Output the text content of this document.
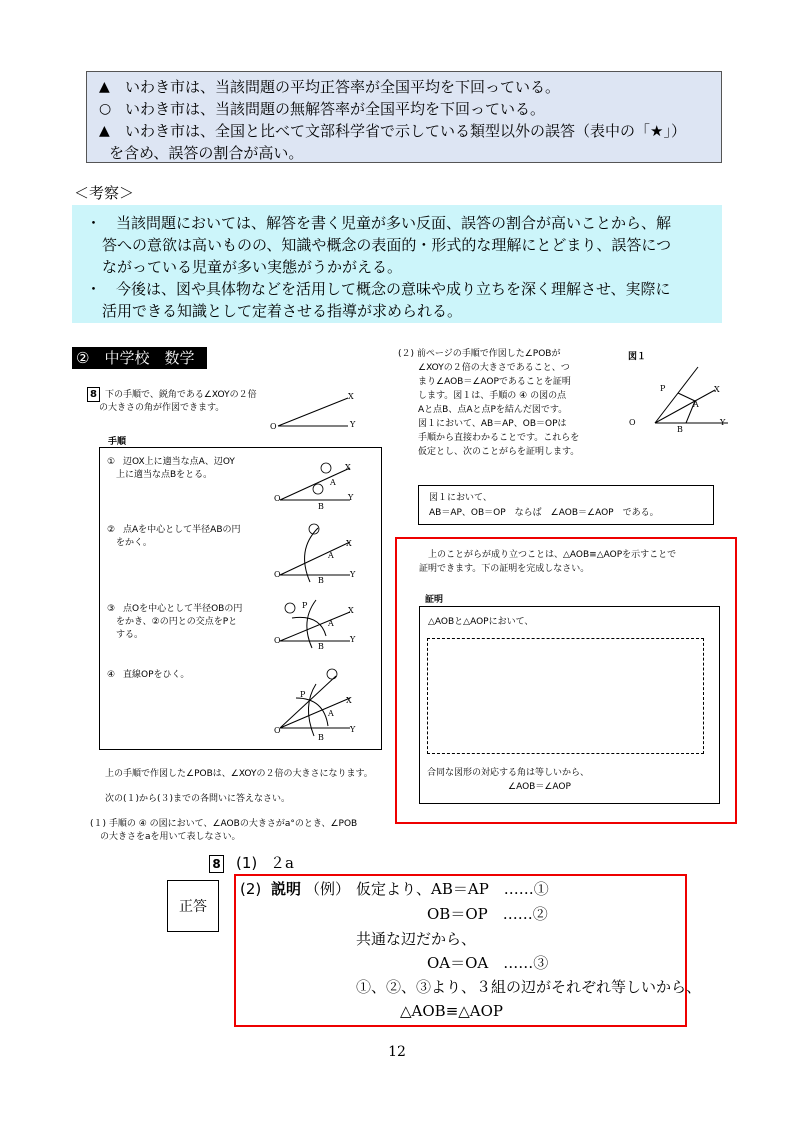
▲ いわき市は、当該問題の平均正答率が全国平均を下回っている。
○ いわき市は、当該問題の無解答率が全国平均を下回っている。
▲ いわき市は、全国と比べて文部科学省で示している類型以外の誤答（表中の「★」）
を含め、誤答の割合が高い。
＜考察＞
・　当該問題においては、解答を書く児童が多い反面、誤答の割合が高いことから、解
答への意欲は高いものの、知識や概念の表面的・形式的な理解にとどまり、誤答につ
ながっている児童が多い実態がうかがえる。
・　今後は、図や具体物などを活用して概念の意味や成り立ちを深く理解させ、実際に
活用できる知識として定着させる指導が求められる。
②　中学校　数学
8 下の手順で、鋭角である∠XOYの２倍
の大きさの角が作図できます。
X
Y
O
手順
① 辺OX上に適当な点A、辺OY
上に適当な点Bをとる。
X
A
Y
O
B
② 点Aを中心として半径ABの円
をかく。	X
A
Y
O
B
③ 点Oを中心として半径OBの円
をかき、②の円との交点をPと
する。
P
X
A
Y
O
B
④ 直線OPをひく。
P
X
A
Y
O
B
上の手順で作図した∠POBは、∠XOYの２倍の大きさになります。
次の(１)から(３)までの各問いに答えなさい。
(１) 手順の ④ の図において、∠AOBの大きさがa°のとき、∠POB
の大きさをaを用いて表しなさい。
(２) 前ページの手順で作図した∠POBが
∠XOYの２倍の大きさであること、つ
まり∠AOB＝∠AOPであることを証明
します。図１は、手順の ④ の図の点
Aと点B、点Aと点Pを結んだ図です。
図１において、AB＝AP、OB＝OPは
手順から直接わかることです。これらを
仮定とし、次のことがらを証明します。
図１
P	X
A
O	Y
B
図１において、
AB＝AP、OB＝OP　ならば　∠AOB＝∠AOP　である。
上のことがらが成り立つことは、△AOB≡△AOPを示すことで
証明できます。下の証明を完成しなさい。
証明
△AOBと△AOPにおいて、
合同な図形の対応する角は等しいから、
∠AOB＝∠AOP
8 (1) ２a
正答
(2) 説明 （例） 仮定より、AB＝AP　……①
OB＝OP　……②
共通な辺だから、
OA＝OA　……③
①、②、③より、３組の辺がそれぞれ等しいから、
△AOB≡△AOP
12
